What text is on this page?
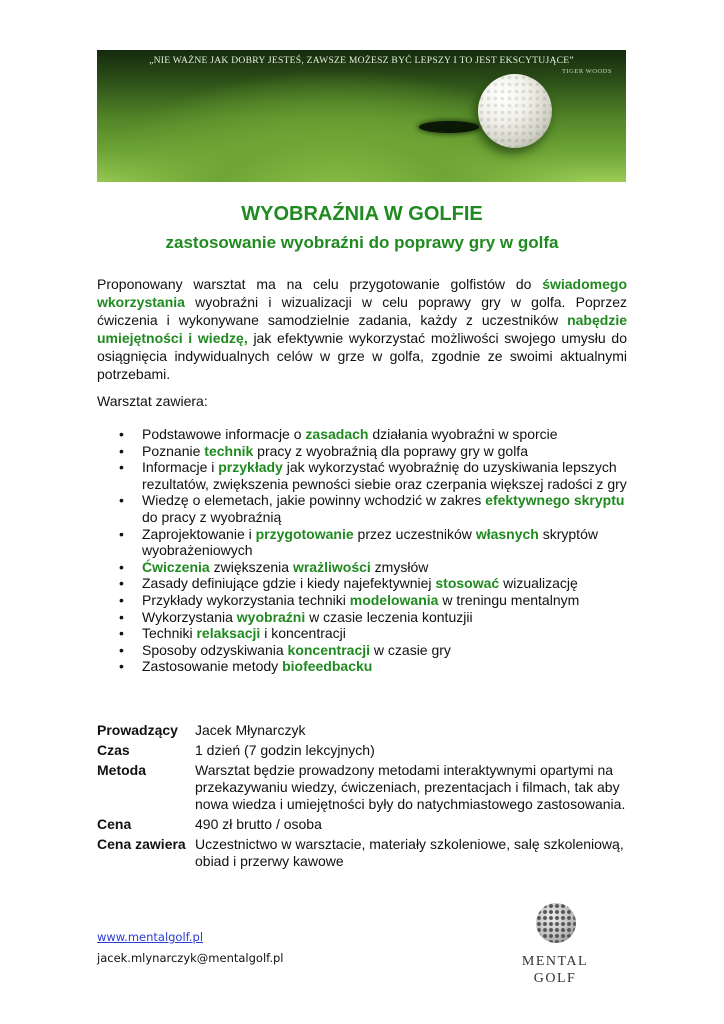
„NIE WAŻNE JAK DOBRY JESTEŚ, ZAWSZE MOŻESZ BYĆ LEPSZY I TO JEST EKSCYTUJĄCE”
TIGER WOODS
WYOBRAŹNIA W GOLFIE
zastosowanie wyobraźni do poprawy gry w golfa

Proponowany warsztat ma na celu przygotowanie golfistów do świadomego wkorzystania wyobraźni i wizualizacji w celu poprawy gry w golfa. Poprzez ćwiczenia i wykonywane samodzielnie zadania, każdy z uczestników nabędzie umiejętności i wiedzę, jak efektywnie wykorzystać możliwości swojego umysłu do osiągnięcia indywidualnych celów w grze w golfa, zgodnie ze swoimi aktualnymi potrzebami.

Warsztat zawiera:

• Podstawowe informacje o zasadach działania wyobraźni w sporcie
• Poznanie technik pracy z wyobraźnią dla poprawy gry w golfa
• Informacje i przykłady jak wykorzystać wyobraźnię do uzyskiwania lepszych rezultatów, zwiększenia pewności siebie oraz czerpania większej radości z gry
• Wiedzę o elemetach, jakie powinny wchodzić w zakres efektywnego skryptu do pracy z wyobraźnią
• Zaprojektowanie i przygotowanie przez uczestników własnych skryptów wyobrażeniowych
• Ćwiczenia zwiększenia wrażliwości zmysłów
• Zasady definiujące gdzie i kiedy najefektywniej stosować wizualizację
• Przykłady wykorzystania techniki modelowania w treningu mentalnym
• Wykorzystania wyobraźni w czasie leczenia kontuzjii
• Techniki relaksacji i koncentracji
• Sposoby odzyskiwania koncentracji w czasie gry
• Zastosowanie metody biofeedbacku
Prowadzący	Jacek Młynarczyk
Czas	1 dzień (7 godzin lekcyjnych)
Metoda	Warsztat będzie prowadzony metodami interaktywnymi opartymi na przekazywaniu wiedzy, ćwiczeniach, prezentacjach i filmach, tak aby nowa wiedza i umiejętności były do natychmiastowego zastosowania.
Cena	490 zł brutto / osoba
Cena zawiera	Uczestnictwo w warsztacie, materiały szkoleniowe, salę szkoleniową, obiad i przerwy kawowe
www.mentalgolf.pl
jacek.mlynarczyk@mentalgolf.pl	MENTAL
GOLF
